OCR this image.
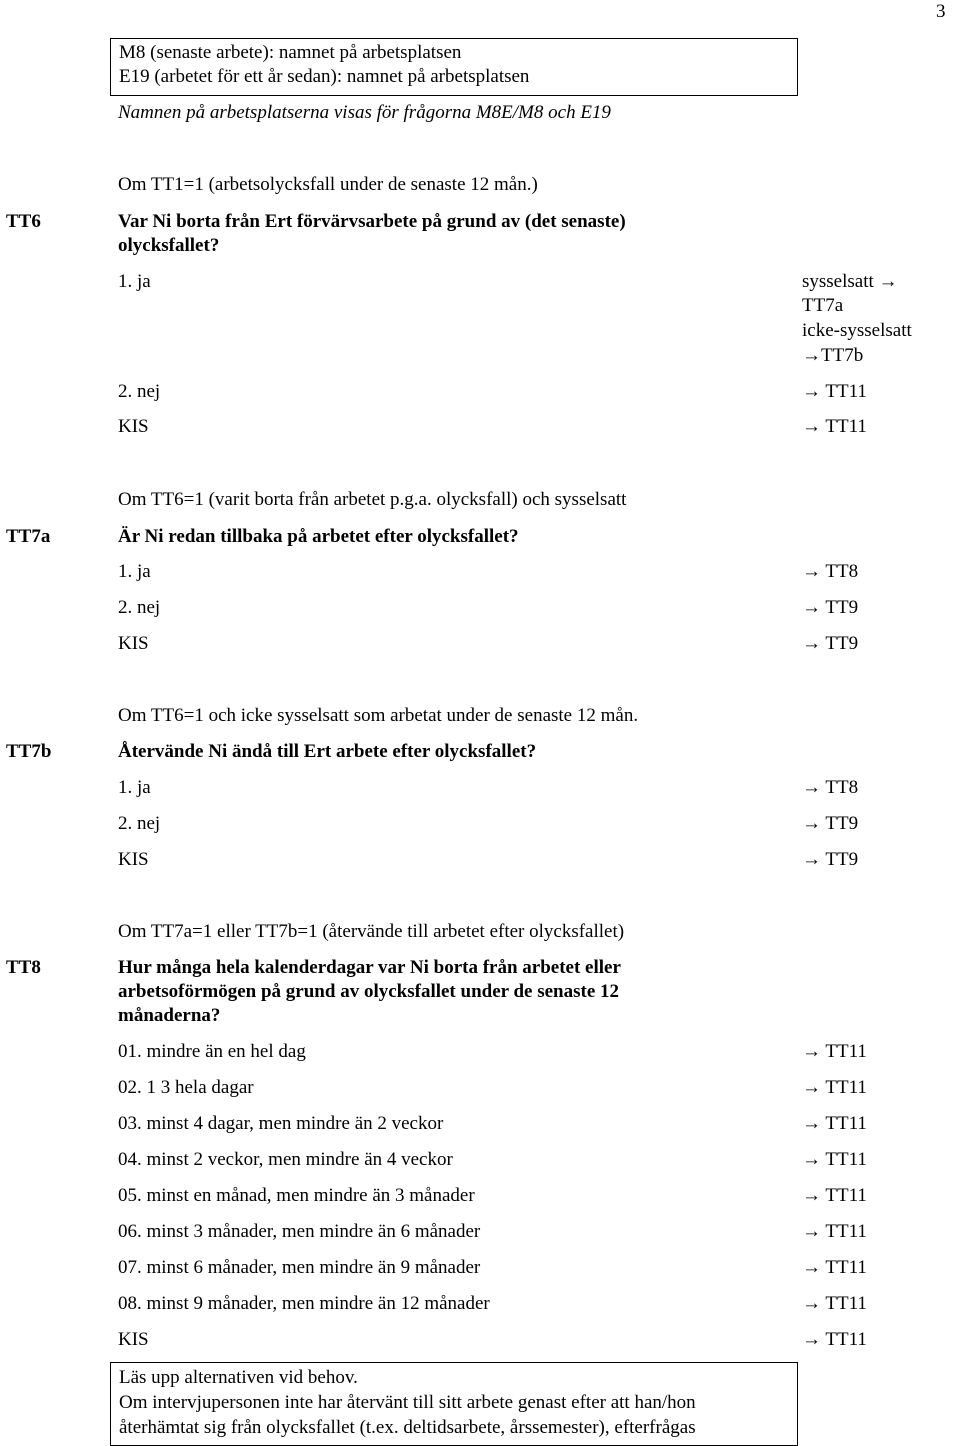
3
M8 (senaste arbete): namnet på arbetsplatsen
E19 (arbetet för ett år sedan): namnet på arbetsplatsen
Namnen på arbetsplatserna visas för frågorna M8E/M8 och E19
Om TT1=1 (arbetsolycksfall under de senaste 12 mån.)
TT6	Var Ni borta från Ert förvärvsarbete på grund av (det senaste)
olycksfallet?
1. ja	sysselsatt →
TT7a
icke-sysselsatt
→TT7b
2. nej	→ TT11
KIS	→ TT11
Om TT6=1 (varit borta från arbetet p.g.a. olycksfall) och sysselsatt
TT7a	Är Ni redan tillbaka på arbetet efter olycksfallet?
1. ja	→ TT8
2. nej	→ TT9
KIS	→ TT9
Om TT6=1 och icke sysselsatt som arbetat under de senaste 12 mån.
TT7b	Återvände Ni ändå till Ert arbete efter olycksfallet?
1. ja	→ TT8
2. nej	→ TT9
KIS	→ TT9
Om TT7a=1 eller TT7b=1 (återvände till arbetet efter olycksfallet)
TT8	Hur många hela kalenderdagar var Ni borta från arbetet eller
arbetsoförmögen på grund av olycksfallet under de senaste 12
månaderna?
01. mindre än en hel dag	→ TT11
02. 1 3 hela dagar	→ TT11
03. minst 4 dagar, men mindre än 2 veckor	→ TT11
04. minst 2 veckor, men mindre än 4 veckor	→ TT11
05. minst en månad, men mindre än 3 månader	→ TT11
06. minst 3 månader, men mindre än 6 månader	→ TT11
07. minst 6 månader, men mindre än 9 månader	→ TT11
08. minst 9 månader, men mindre än 12 månader	→ TT11
KIS	→ TT11
Läs upp alternativen vid behov.
Om intervjupersonen inte har återvänt till sitt arbete genast efter att han/hon
återhämtat sig från olycksfallet (t.ex. deltidsarbete, årssemester), efterfrågas
